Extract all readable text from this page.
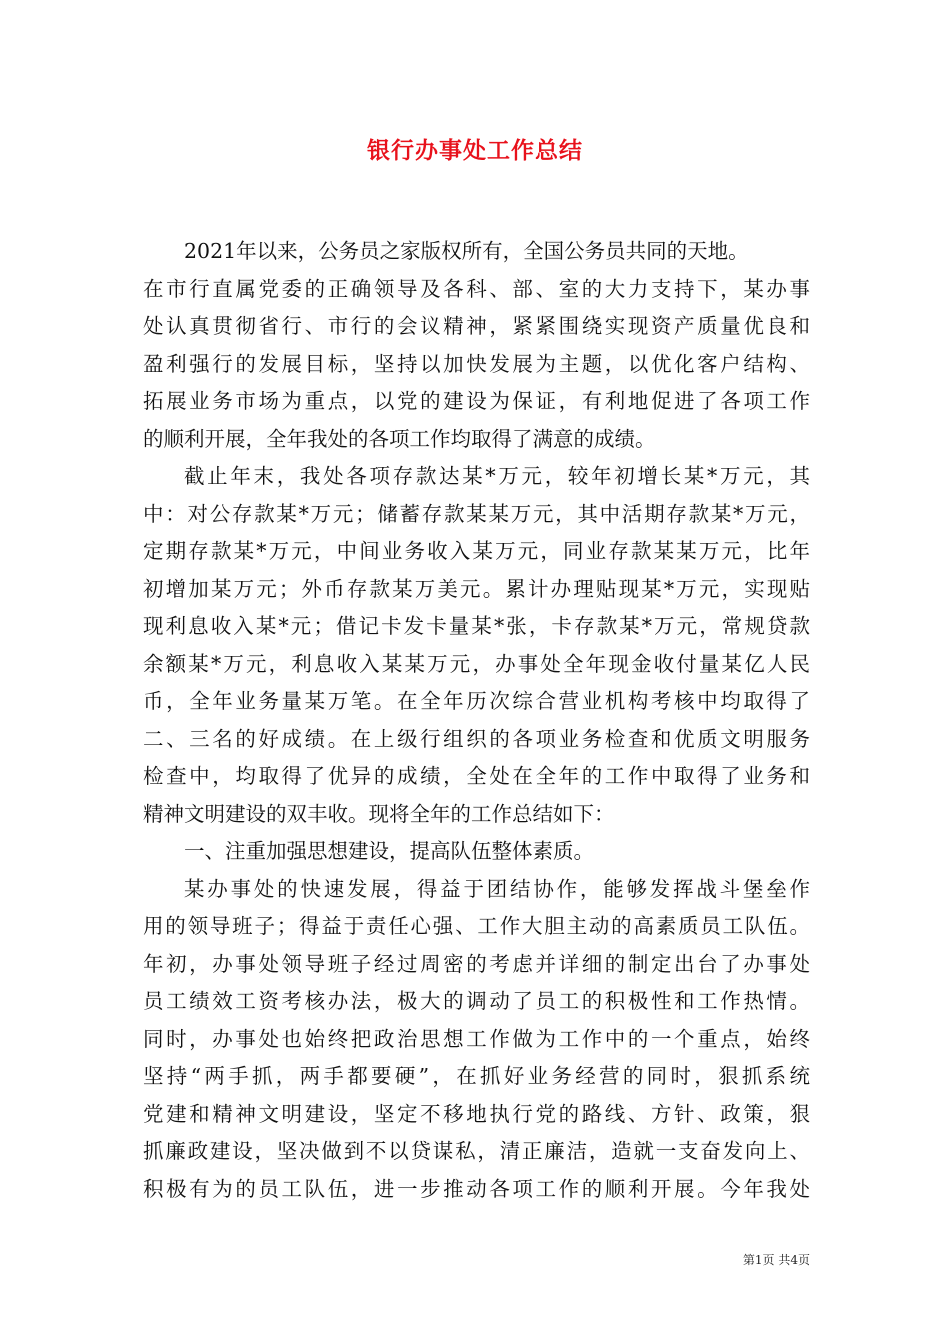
银行办事处工作总结

2021年以来，公务员之家版权所有，全国公务员共同的天地。

在市行直属党委的正确领导及各科、部、室的大力支持下，某办事

处认真贯彻省行、市行的会议精神，紧紧围绕实现资产质量优良和

盈利强行的发展目标，坚持以加快发展为主题，以优化客户结构、

拓展业务市场为重点，以党的建设为保证，有利地促进了各项工作

的顺利开展，全年我处的各项工作均取得了满意的成绩。

截止年末，我处各项存款达某*万元，较年初增长某*万元，其

中：对公存款某*万元；储蓄存款某某万元，其中活期存款某*万元，

定期存款某*万元，中间业务收入某万元，同业存款某某万元，比年

初增加某万元；外币存款某万美元。累计办理贴现某*万元，实现贴

现利息收入某*元；借记卡发卡量某*张，卡存款某*万元，常规贷款

余额某*万元，利息收入某某万元，办事处全年现金收付量某亿人民

币，全年业务量某万笔。在全年历次综合营业机构考核中均取得了

二、三名的好成绩。在上级行组织的各项业务检查和优质文明服务

检查中，均取得了优异的成绩，全处在全年的工作中取得了业务和

精神文明建设的双丰收。现将全年的工作总结如下：

一、注重加强思想建设，提高队伍整体素质。

某办事处的快速发展，得益于团结协作，能够发挥战斗堡垒作

用的领导班子；得益于责任心强、工作大胆主动的高素质员工队伍。

年初，办事处领导班子经过周密的考虑并详细的制定出台了办事处

员工绩效工资考核办法，极大的调动了员工的积极性和工作热情。

同时，办事处也始终把政治思想工作做为工作中的一个重点，始终

坚持“两手抓，两手都要硬”，在抓好业务经营的同时，狠抓系统

党建和精神文明建设，坚定不移地执行党的路线、方针、政策，狠

抓廉政建设，坚决做到不以贷谋私，清正廉洁，造就一支奋发向上、

积极有为的员工队伍，进一步推动各项工作的顺利开展。今年我处

第1页 共4页
